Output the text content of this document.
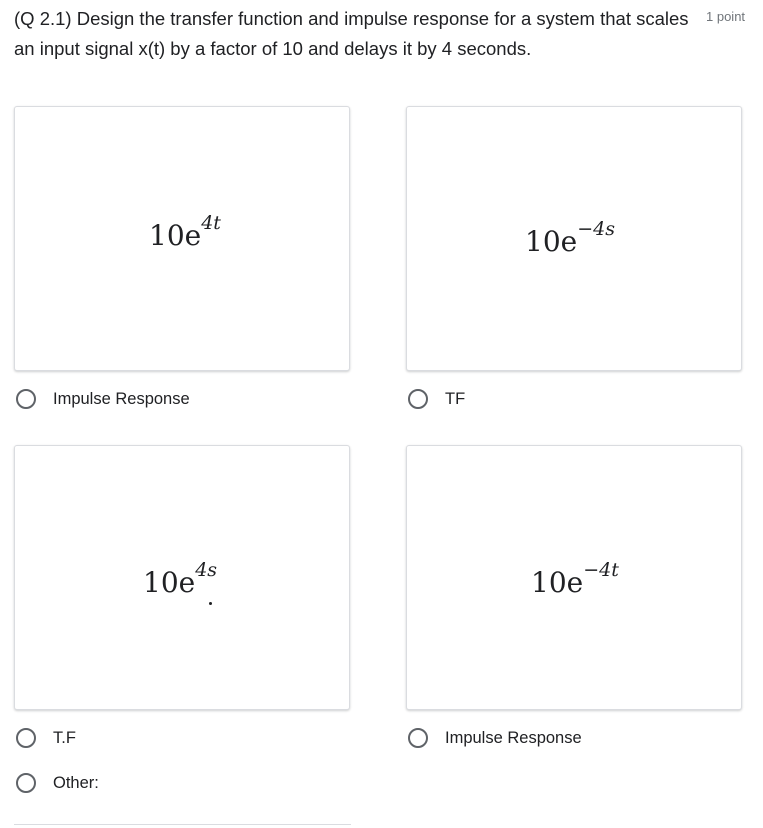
(Q 2.1) Design the transfer function and impulse response for a system that scales an input signal x(t) by a factor of 10 and delays it by 4 seconds.
1 point
$10e^{4t}$
Impulse Response
$10e^{-4s}$
TF
$10e^{4s}$
T.F
$10e^{-4t}$
Impulse Response
Other:
